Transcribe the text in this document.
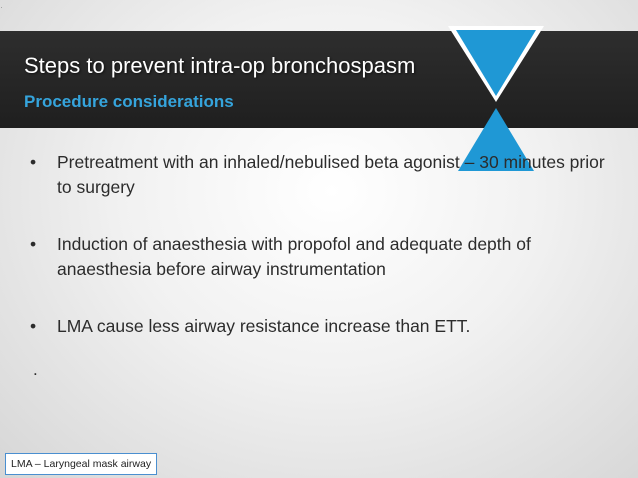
·
Steps to prevent intra-op bronchospasm
Procedure considerations
• Pretreatment with an inhaled/nebulised beta agonist – 30 minutes prior to surgery
• Induction of anaesthesia with propofol and adequate depth of anaesthesia before airway instrumentation
• LMA cause less airway resistance increase than ETT.
.
LMA – Laryngeal mask airway
